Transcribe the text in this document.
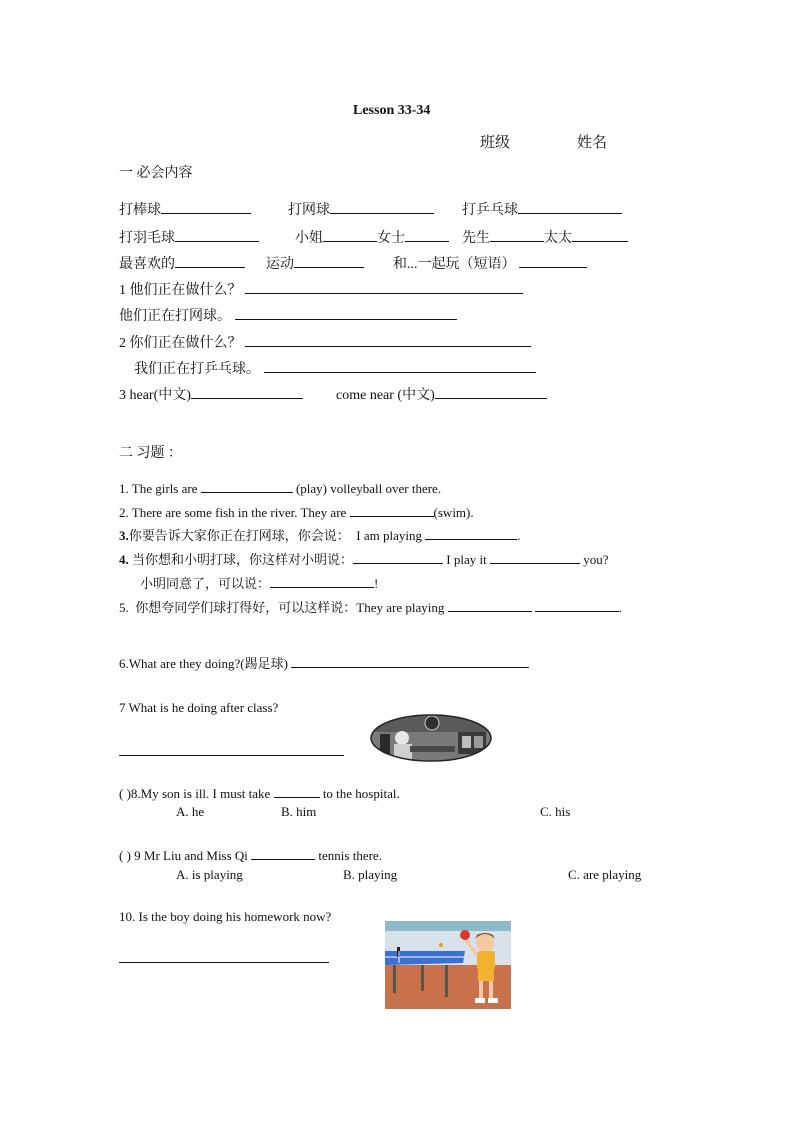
Lesson 33-34
班级	姓名
一 必会内容
打棒球	打网球	打乒乓球
打羽毛球	小姐	女士	先生	太太
最喜欢的	运动	和...一起玩（短语）
1 他们正在做什么？
他们正在打网球。
2 你们正在做什么？
我们正在打乒乓球。
3 hear(中文)	come near (中文)
二 习题 ：
1. The girls are	(play) volleyball over there.
2. There are some fish in the river. They are	(swim).
3.你要告诉大家你正在打网球，你会说： I am playing	.
4. 当你想和小明打球，你这样对小明说：	I play it	you?
小明同意了，可以说：	!
5. 你想夸同学们球打得好，可以这样说：They are playing	.
6.What are they doing?(踢足球)
7 What is he doing after class?
( )8.My son is ill. I must take	to the hospital.
A. he	B. him	C. his
( ) 9 Mr Liu and Miss Qi	tennis there.
A. is playing	B. playing	C. are playing
10. Is the boy doing his homework now?
